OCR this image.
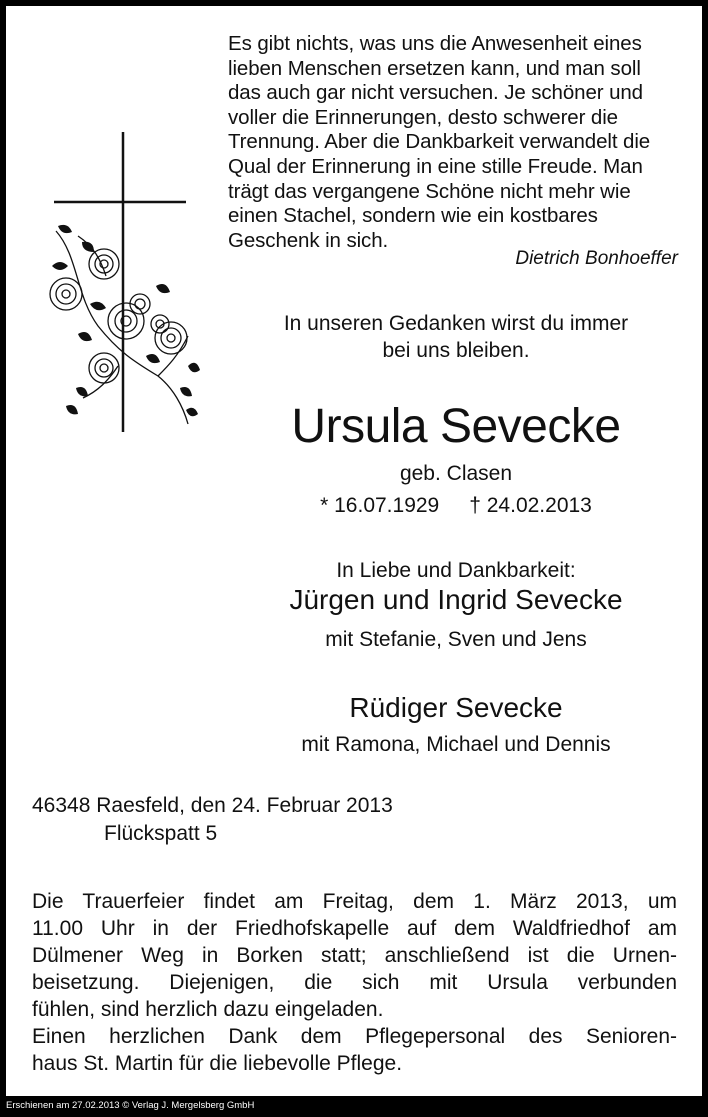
Es gibt nichts, was uns die Anwesenheit eines
lieben Menschen ersetzen kann, und man soll
das auch gar nicht versuchen. Je schöner und
voller die Erinnerungen, desto schwerer die
Trennung. Aber die Dankbarkeit verwandelt die
Qual der Erinnerung in eine stille Freude. Man
trägt das vergangene Schöne nicht mehr wie
einen Stachel, sondern wie ein kostbares
Geschenk in sich.
Dietrich Bonhoeffer
In unseren Gedanken wirst du immer
bei uns bleiben.
Ursula Sevecke
geb. Clasen
* 16.07.1929 † 24.02.2013
In Liebe und Dankbarkeit:
Jürgen und Ingrid Sevecke
mit Stefanie, Sven und Jens
Rüdiger Sevecke
mit Ramona, Michael und Dennis
46348 Raesfeld, den 24. Februar 2013
Flückspatt 5
Die Trauerfeier findet am Freitag, dem 1. März 2013, um
11.00 Uhr in der Friedhofskapelle auf dem Waldfriedhof am
Dülmener Weg in Borken statt; anschließend ist die Urnen-
beisetzung. Diejenigen, die sich mit Ursula verbunden
fühlen, sind herzlich dazu eingeladen.
Einen herzlichen Dank dem Pflegepersonal des Senioren-
haus St. Martin für die liebevolle Pflege.
Erschienen am 27.02.2013 © Verlag J. Mergelsberg GmbH
